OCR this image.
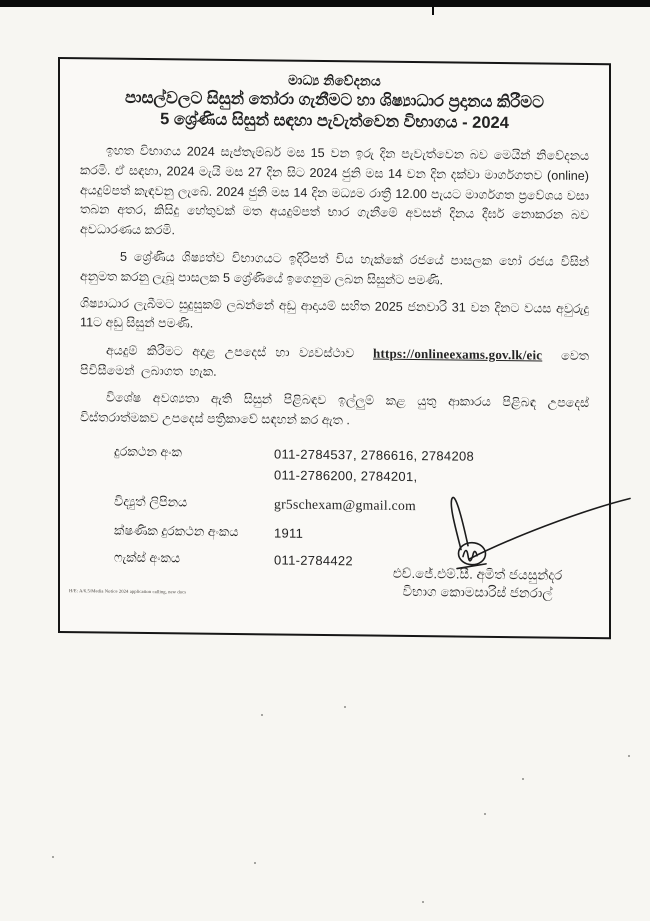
මාධ්‍ය නිවේදනය
පාසල්වලට සිසුන් තෝරා ගැනීමට හා ශිෂ්‍යාධාර ප්‍රදානය කිරීමට
5 ශ්‍රේණිය සිසුන් සඳහා පැවැත්වෙන විභාගය - 2024

ඉහත විභාගය 2024 සැප්තැම්බර් මස 15 වන ඉරු දින පැවැත්වෙන බව මෙයින් නිවේදනය කරමි. ඒ සඳහා, 2024 මැයි මස 27 දින සිට 2024 ජුනි මස 14 වන දින දක්වා මාර්ගගතව (online) අයදුම්පත් කැඳවනු ලැබේ. 2024 ජුනි මස 14 දින මධ්‍යම රාත්‍රී 12.00 පැයට මාර්ගගත ප්‍රවේශය වසා තබන අතර, කිසිදු හේතුවක් මත අයදුම්පත් භාර ගැනීමේ අවසන් දිනය දීර්ඝ නොකරන බව අවධාරණය කරමි.

5 ශ්‍රේණිය ශිෂ්‍යත්ව විභාගයට ඉදිරිපත් විය හැක්කේ රජයේ පාසලක හෝ රජය විසින් අනුමත කරනු ලැබූ පාසලක 5 ශ්‍රේණියේ ඉගෙනුම ලබන සිසුන්ට පමණි.

ශිෂ්‍යාධාර ලැබීමට සුදුසුකම් ලබන්නේ අඩු ආදායම් සහිත 2025 ජනවාරි 31 වන දිනට වයස අවුරුදු 11ට අඩු සිසුන් පමණි.

අයදුම් කිරීමට අදාළ උපදෙස් හා ව්‍යවස්ථාව https://onlineexams.gov.lk/eic වෙත පිවිසීමෙන් ලබාගත හැක.

විශේෂ අවශ්‍යතා ඇති සිසුන් පිළිබඳව ඉල්ලුම් කළ යුතු ආකාරය පිළිබඳ උපදෙස් විස්තරාත්මකව උපදෙස් පත්‍රිකාවේ සඳහන් කර ඇත .

දුරකථන අංක	011-2784537, 2786616, 2784208
011-2786200, 2784201,
විද්‍යුත් ලිපිනය	gr5schexam@gmail.com
ක්ෂණික දුරකථන අංකය	1911
ෆැක්ස් අංකය	011-2784422

එච්.ජේ.එම්.සී. අමිත් ජයසුන්දර

විභාග කොමසාරිස් ජනරාල්

H/E: A/6.5/Media Notice 2024 application calling, new docs
